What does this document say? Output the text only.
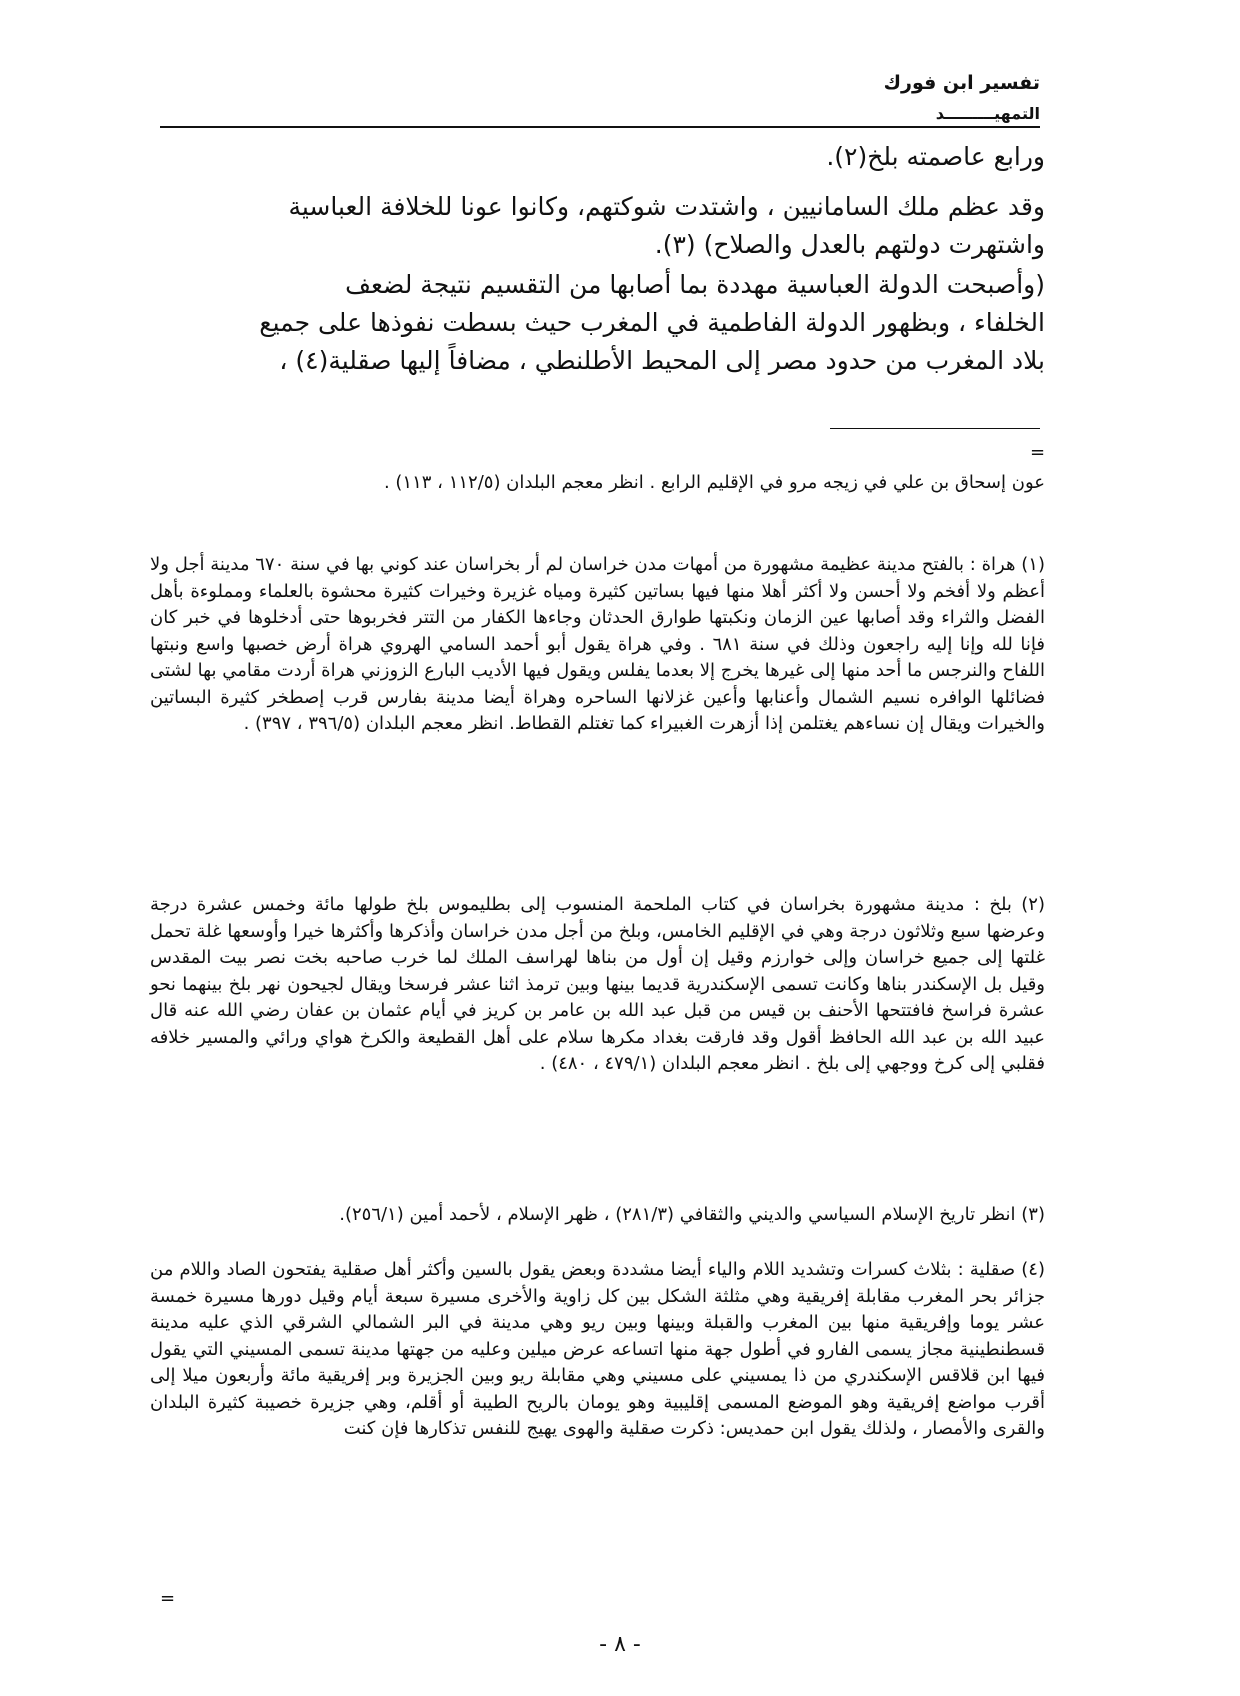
تفسير ابن فورك
التمهيـــــــــد
ورابع عاصمته بلخ(٢).
وقد عظم ملك السامانيين ، واشتدت شوكتهم، وكانوا عونا للخلافة العباسية
واشتهرت دولتهم بالعدل والصلاح) (٣).
(وأصبحت الدولة العباسية مهددة بما أصابها من التقسيم نتيجة لضعف
الخلفاء ، وبظهور الدولة الفاطمية في المغرب حيث بسطت نفوذها على جميع
بلاد المغرب من حدود مصر إلى المحيط الأطلنطي ، مضافاً إليها صقلية(٤) ،
=
عون إسحاق بن علي في زيجه مرو في الإقليم الرابع . انظر معجم البلدان (١١٢/٥ ، ١١٣) .
(١) هراة : بالفتح مدينة عظيمة مشهورة من أمهات مدن خراسان لم أر بخراسان عند كوني بها في سنة ٦٧٠ مدينة أجل ولا أعظم ولا أفخم ولا أحسن ولا أكثر أهلا منها فيها بساتين كثيرة ومياه غزيرة وخيرات كثيرة محشوة بالعلماء ومملوءة بأهل الفضل والثراء وقد أصابها عين الزمان ونكبتها طوارق الحدثان وجاءها الكفار من التتر فخربوها حتى أدخلوها في خبر كان فإنا لله وإنا إليه راجعون وذلك في سنة ٦٨١ . وفي هراة يقول أبو أحمد السامي الهروي هراة أرض خصبها واسع ونبتها اللفاح والنرجس ما أحد منها إلى غيرها يخرج إلا بعدما يفلس ويقول فيها الأديب البارع الزوزني هراة أردت مقامي بها لشتى فضائلها الوافره نسيم الشمال وأعنابها وأعين غزلانها الساحره وهراة أيضا مدينة بفارس قرب إصطخر كثيرة البساتين والخيرات ويقال إن نساءهم يغتلمن إذا أزهرت الغبيراء كما تغتلم القطاط. انظر معجم البلدان (٣٩٦/٥ ، ٣٩٧) .
(٢) بلخ : مدينة مشهورة بخراسان في كتاب الملحمة المنسوب إلى بطليموس بلخ طولها مائة وخمس عشرة درجة وعرضها سبع وثلاثون درجة وهي في الإقليم الخامس، وبلخ من أجل مدن خراسان وأذكرها وأكثرها خيرا وأوسعها غلة تحمل غلتها إلى جميع خراسان وإلى خوارزم وقيل إن أول من بناها لهراسف الملك لما خرب صاحبه بخت نصر بيت المقدس وقيل بل الإسكندر بناها وكانت تسمى الإسكندرية قديما بينها وبين ترمذ اثنا عشر فرسخا ويقال لجيحون نهر بلخ بينهما نحو عشرة فراسخ فافتتحها الأحنف بن قيس من قبل عبد الله بن عامر بن كريز في أيام عثمان بن عفان رضي الله عنه قال عبيد الله بن عبد الله الحافظ أقول وقد فارقت بغداد مكرها سلام على أهل القطيعة والكرخ هواي ورائي والمسير خلافه فقلبي إلى كرخ ووجهي إلى بلخ . انظر معجم البلدان (٤٧٩/١ ، ٤٨٠) .
(٣) انظر تاريخ الإسلام السياسي والديني والثقافي (٢٨١/٣) ، ظهر الإسلام ، لأحمد أمين (٢٥٦/١).
(٤) صقلية : بثلاث كسرات وتشديد اللام والياء أيضا مشددة وبعض يقول بالسين وأكثر أهل صقلية يفتحون الصاد واللام من جزائر بحر المغرب مقابلة إفريقية وهي مثلثة الشكل بين كل زاوية والأخرى مسيرة سبعة أيام وقيل دورها مسيرة خمسة عشر يوما وإفريقية منها بين المغرب والقبلة وبينها وبين ريو وهي مدينة في البر الشمالي الشرقي الذي عليه مدينة قسطنطينية مجاز يسمى الفارو في أطول جهة منها اتساعه عرض ميلين وعليه من جهتها مدينة تسمى المسيني التي يقول فيها ابن قلاقس الإسكندري من ذا يمسيني على مسيني وهي مقابلة ريو وبين الجزيرة وبر إفريقية مائة وأربعون ميلا إلى أقرب مواضع إفريقية وهو الموضع المسمى إقليبية وهو يومان بالريح الطيبة أو أقلم، وهي جزيرة خصيبة كثيرة البلدان والقرى والأمصار ، ولذلك يقول ابن حمديس: ذكرت صقلية والهوى يهيج للنفس تذكارها فإن كنت
=
- ٨ -
